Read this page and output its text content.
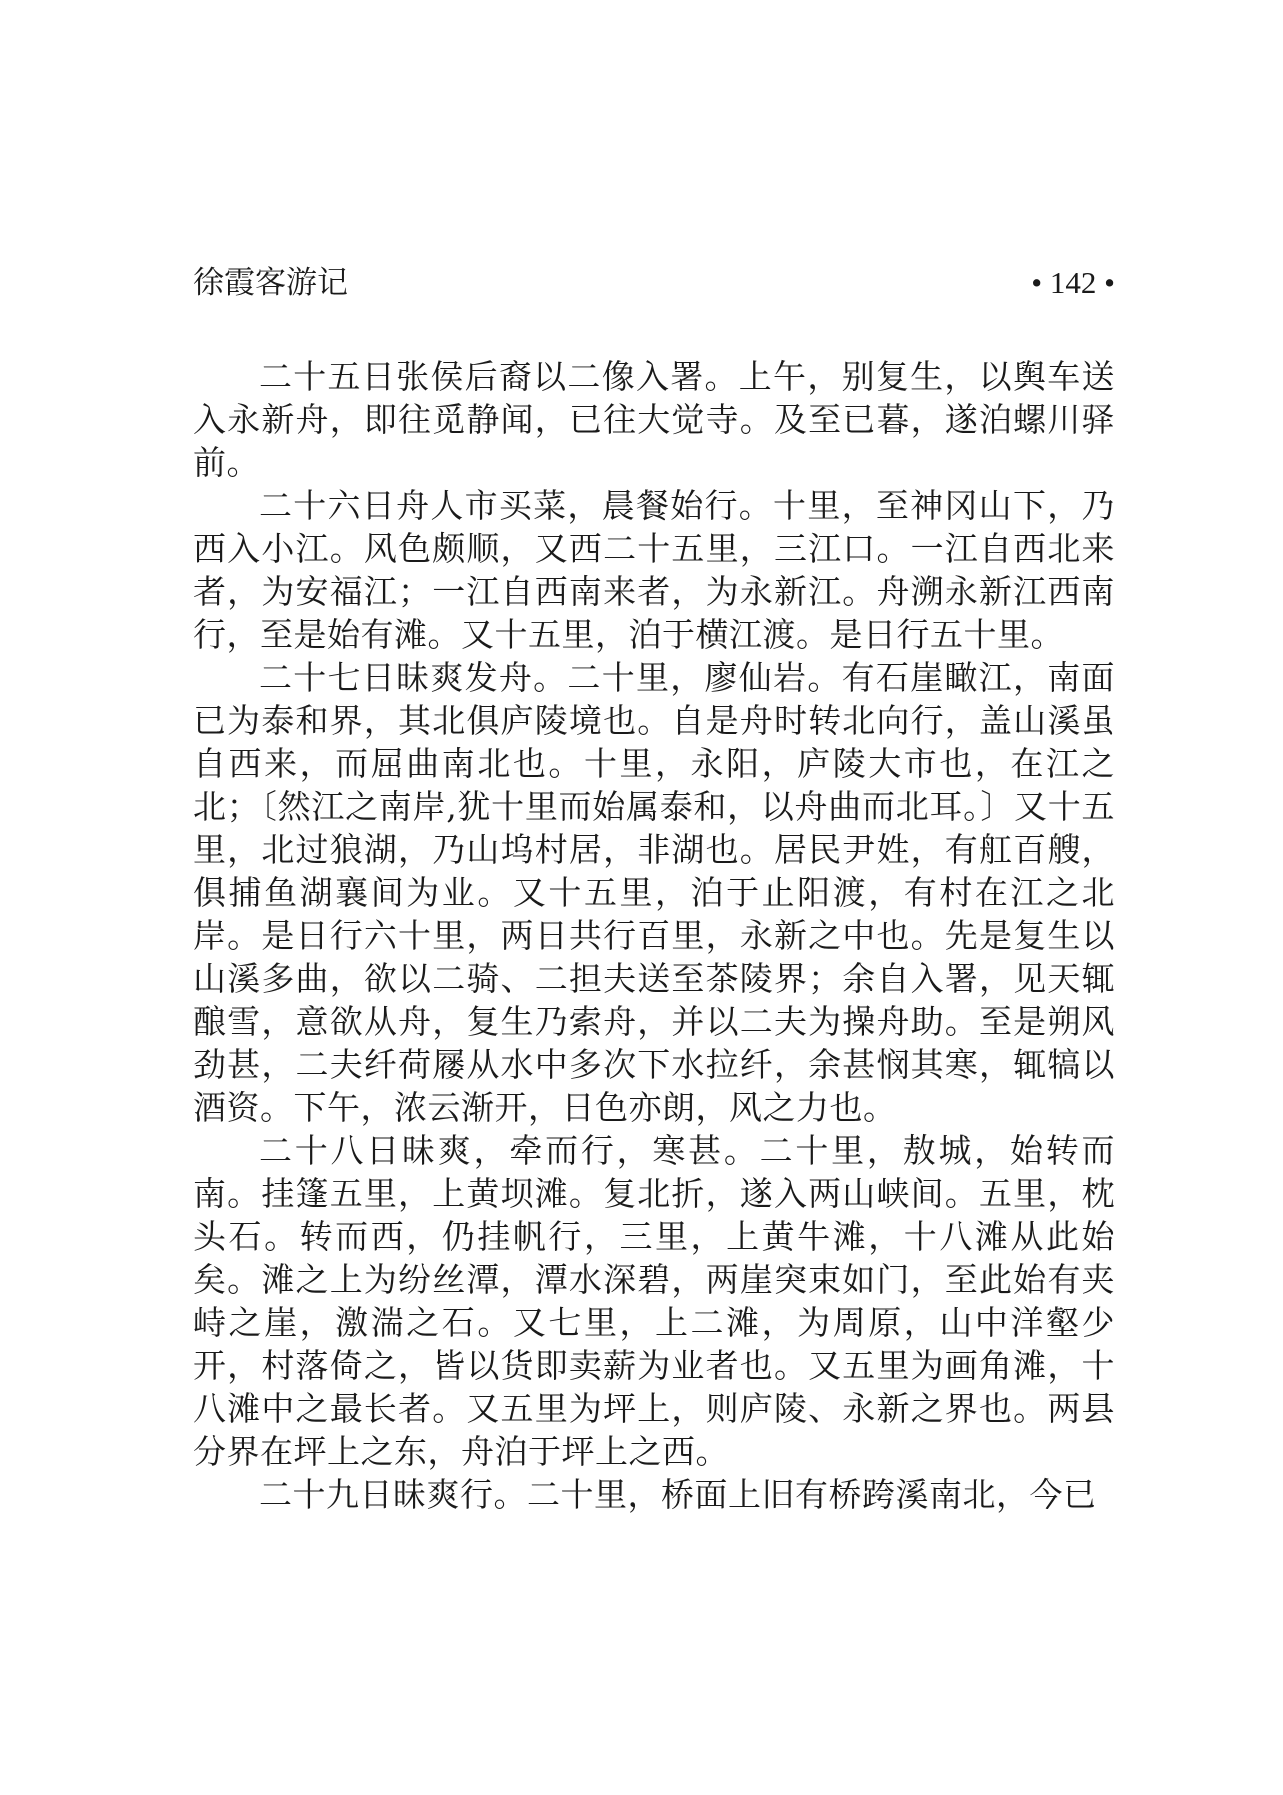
徐霞客游记	• 142 •

二十五日张侯后裔以二像入署。上午，别复生，以舆车送入永新舟，即往觅静闻，已往大觉寺。及至已暮，遂泊螺川驿前。

二十六日舟人市买菜，晨餐始行。十里，至神冈山下，乃西入小江。风色颇顺，又西二十五里，三江口。一江自西北来者，为安福江；一江自西南来者，为永新江。舟溯永新江西南行，至是始有滩。又十五里，泊于横江渡。是日行五十里。

二十七日昧爽发舟。二十里，廖仙岩。有石崖瞰江，南面已为泰和界，其北俱庐陵境也。自是舟时转北向行，盖山溪虽自西来，而屈曲南北也。十里，永阳，庐陵大市也，在江之北；〔然江之南岸,犹十里而始属泰和，以舟曲而北耳。〕又十五里，北过狼湖，乃山坞村居，非湖也。居民尹姓，有舡百艘，俱捕鱼湖襄间为业。又十五里，泊于止阳渡，有村在江之北岸。是日行六十里，两日共行百里，永新之中也。先是复生以山溪多曲，欲以二骑、二担夫送至茶陵界；余自入署，见天辄酿雪，意欲从舟，复生乃索舟，并以二夫为操舟助。至是朔风劲甚，二夫纤荷屦从水中多次下水拉纤，余甚悯其寒，辄犒以酒资。下午，浓云渐开，日色亦朗，风之力也。

二十八日昧爽，牵而行，寒甚。二十里，敖城，始转而南。挂篷五里，上黄坝滩。复北折，遂入两山峡间。五里，枕头石。转而西，仍挂帆行，三里，上黄牛滩，十八滩从此始矣。滩之上为纷丝潭，潭水深碧，两崖突束如门，至此始有夹峙之崖，激湍之石。又七里，上二滩，为周原，山中洋壑少开，村落倚之，皆以货即卖薪为业者也。又五里为画角滩，十八滩中之最长者。又五里为坪上，则庐陵、永新之界也。两县分界在坪上之东，舟泊于坪上之西。

二十九日昧爽行。二十里，桥面上旧有桥跨溪南北，今已
